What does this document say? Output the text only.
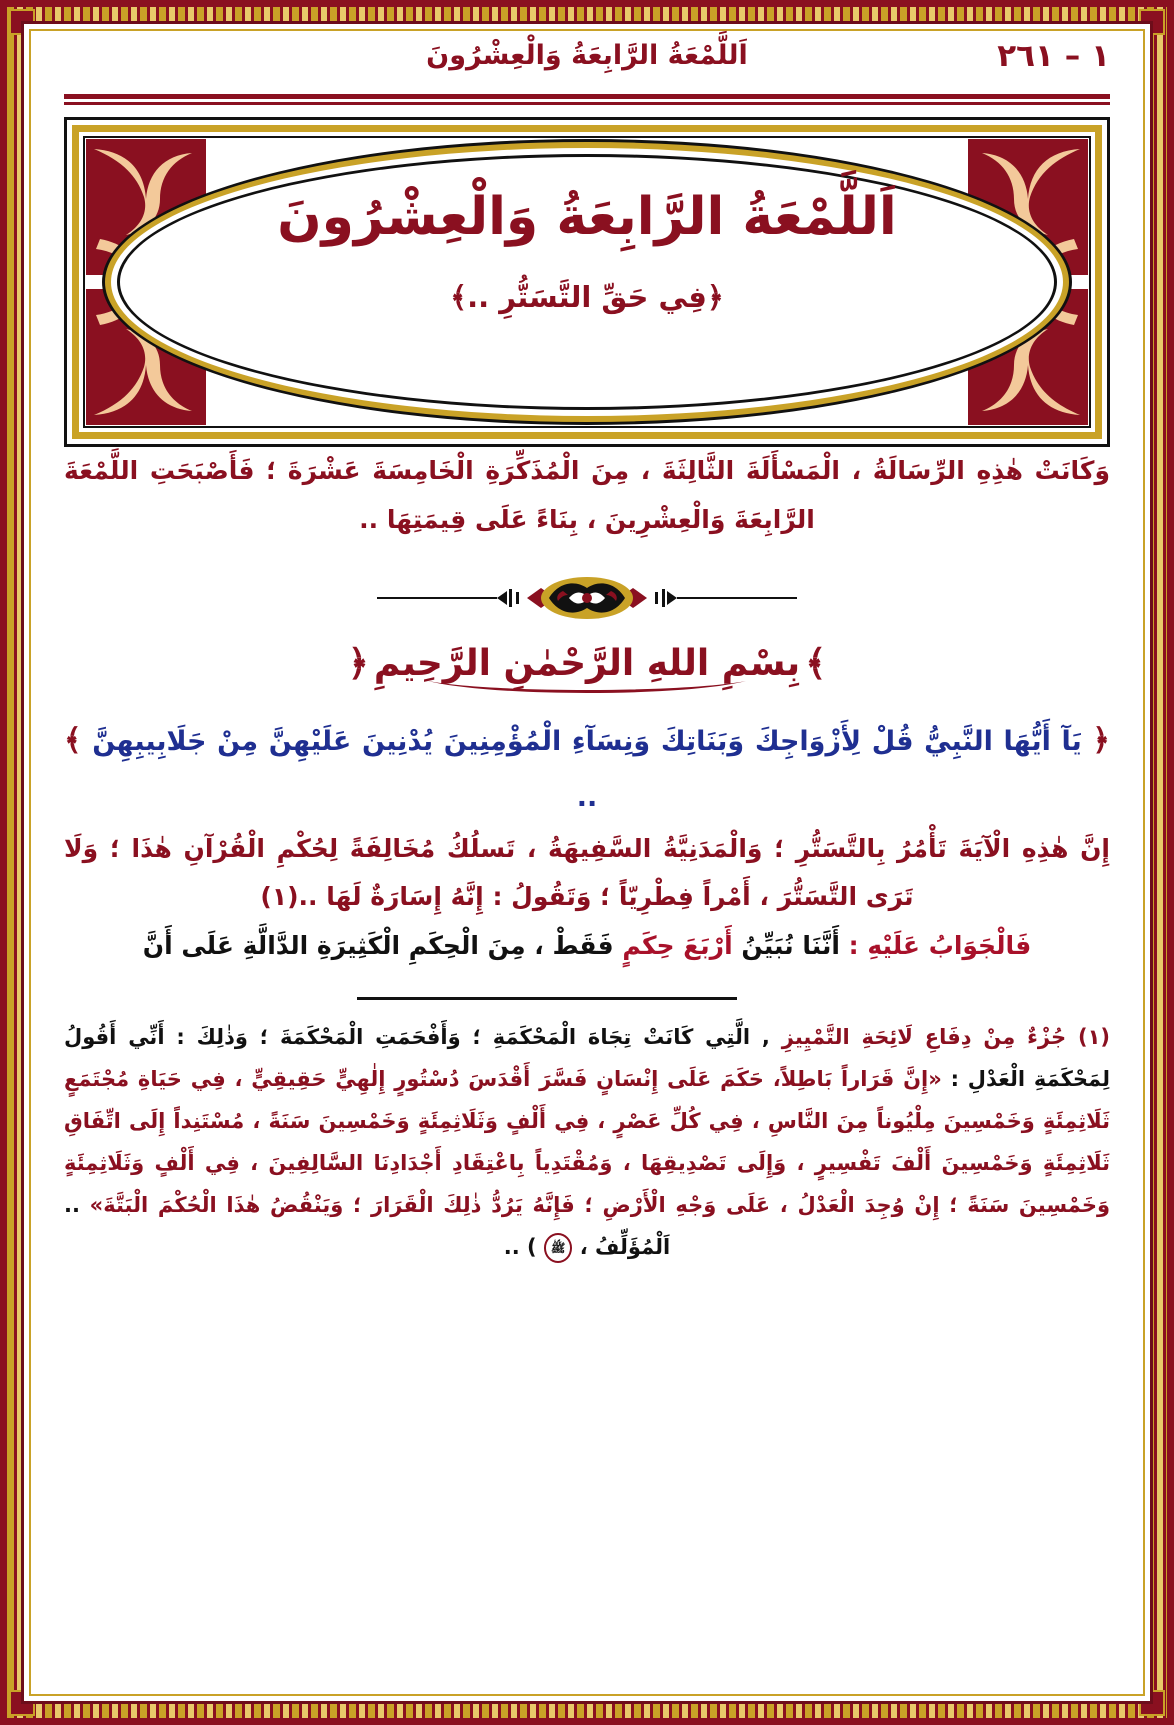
١ – ٢٦١
اَللَّمْعَةُ الرَّابِعَةُ وَالْعِشْرُونَ
اَللَّمْعَةُ الرَّابِعَةُ وَالْعِشْرُونَ
﴿فِي حَقِّ التَّسَتُّرِ ..﴾

وَكَانَتْ هٰذِهِ الرِّسَالَةُ ، الْمَسْأَلَةَ الثَّالِثَةَ ، مِنَ الْمُذَكِّرَةِ الْخَامِسَةَ عَشْرَةَ ؛ فَأَصْبَحَتِ اللَّمْعَةَ الرَّابِعَةَ وَالْعِشْرِينَ ، بِنَاءً عَلَى قِيمَتِهَا ..

﴾ بِسْمِ اللهِ الرَّحْمٰنِ الرَّحِيمِ ﴿

﴿ يَآ أَيُّهَا النَّبِيُّ قُلْ لِأَزْوَاجِكَ وَبَنَاتِكَ وَنِسَآءِ الْمُؤْمِنِينَ يُدْنِينَ عَلَيْهِنَّ مِنْ جَلَابِيبِهِنَّ ﴾ ..

إِنَّ هٰذِهِ الْآيَةَ تَأْمُرُ بِالتَّسَتُّرِ ؛ وَالْمَدَنِيَّةُ السَّفِيهَةُ ، تَسلُكُ مُخَالِفَةً لِحُكْمِ الْقُرْآنِ هٰذَا ؛ وَلَا تَرَى التَّسَتُّرَ ، أَمْراً فِطْرِيّاً ؛ وَتَقُولُ : إِنَّهُ إِسَارَةٌ لَهَا ..(١)

فَالْجَوَابُ عَلَيْهِ : أَنَّنَا نُبَيِّنُ أَرْبَعَ حِكَمٍ فَقَطْ ، مِنَ الْحِكَمِ الْكَثِيرَةِ الدَّالَّةِ عَلَى أَنَّ

(١) جُزْءٌ مِنْ دِفَاعِ لَائِحَةِ التَّمْيِيزِ , الَّتِي كَانَتْ تِجَاهَ الْمَحْكَمَةِ ؛ وَأَفْحَمَتِ الْمَحْكَمَةَ ؛ وَذٰلِكَ : أَنِّي أَقُولُ لِمَحْكَمَةِ الْعَدْلِ : «إِنَّ قَرَاراً بَاطِلاً، حَكَمَ عَلَى إِنْسَانٍ فَسَّرَ أَقْدَسَ دُسْتُورٍ إِلٰهِيٍّ حَقِيقِيٍّ ، فِي حَيَاةِ مُجْتَمَعٍ ثَلَاثِمِئَةٍ وَخَمْسِينَ مِلْيُوناً مِنَ النَّاسِ ، فِي كُلِّ عَصْرٍ ، فِي أَلْفٍ وَثَلَاثِمِئَةٍ وَخَمْسِينَ سَنَةً ، مُسْتَنِداً إِلَى اتِّفَاقِ ثَلَاثِمِئَةٍ وَخَمْسِينَ أَلْفَ تَفْسِيرٍ ، وَإِلَى تَصْدِيقِهَا ، وَمُقْتَدِياً بِاعْتِقَادِ أَجْدَادِنَا السَّالِفِينَ ، فِي أَلْفٍ وَثَلَاثِمِئَةٍ وَخَمْسِينَ سَنَةً ؛ إِنْ وُجِدَ الْعَدْلُ ، عَلَى وَجْهِ الْأَرْضِ ؛ فَإِنَّهُ يَرُدُّ ذٰلِكَ الْقَرَارَ ؛ وَيَنْقُضُ هٰذَا الْحُكْمَ الْبَتَّةَ» .. اَلْمُؤَلِّفُ ، ﷺ ) ..
